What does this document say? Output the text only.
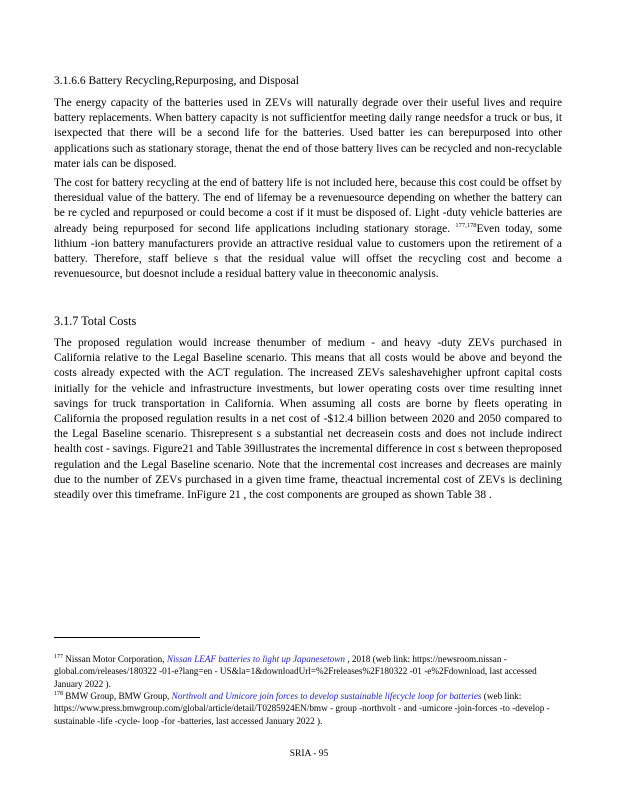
3.1.6.6 Battery Recycling,Repurposing, and Disposal

The energy capacity of the batteries used in ZEVs will naturally degrade over their useful lives and require battery replacements. When battery capacity is not sufficientfor meeting daily range needsfor a truck or bus, it isexpected that there will be a second life for the batteries. Used batter ies can berepurposed into other applications such as stationary storage, thenat the end of those battery lives can be recycled and non-recyclable mater ials can be disposed.

The cost for battery recycling at the end of battery life is not included here, because this cost could be offset by theresidual value of the battery. The end of lifemay be a revenuesource depending on whether the battery can be re cycled and repurposed or could become a cost if it must be disposed of. Light -duty vehicle batteries are already being repurposed for second life applications including stationary storage. $^{177,178}$Even today, some lithium -ion battery manufacturers provide an attractive residual value to customers upon the retirement of a battery. Therefore, staff believe s that the residual value will offset the recycling cost and become a revenuesource, but doesnot include a residual battery value in theeconomic analysis.

3.1.7 Total Costs

The proposed regulation would increase thenumber of medium - and heavy -duty ZEVs purchased in California relative to the Legal Baseline scenario. This means that all costs would be above and beyond the costs already expected with the ACT regulation. The increased ZEVs saleshavehigher upfront capital costs initially for the vehicle and infrastructure investments, but lower operating costs over time resulting innet savings for truck transportation in California. When assuming all costs are borne by fleets operating in California the proposed regulation results in a net cost of -$12.4 billion between 2020 and 2050 compared to the Legal Baseline scenario. Thisrepresent s a substantial net decreasein costs and does not include indirect health cost - savings. Figure21 and Table 39illustrates the incremental difference in cost s between theproposed regulation and the Legal Baseline scenario. Note that the incremental cost increases and decreases are mainly due to the number of ZEVs purchased in a given time frame, theactual incremental cost of ZEVs is declining steadily over this timeframe. InFigure 21 , the cost components are grouped as shown Table 38 .

$^{177}$ Nissan Motor Corporation, Nissan LEAF batteries to light up Japanesetown , 2018 (web link: https://newsroom.nissan -global.com/releases/180322 -01-e?lang=en - US&la=1&downloadUrl=%2Freleases%2F180322 -01 -e%2Fdownload, last accessed January 2022 ).

$^{178}$ BMW Group, BMW Group, Northvolt and Umicore join forces to develop sustainable lifecycle loop for batteries (web link: https://www.press.bmwgroup.com/global/article/detail/T0285924EN/bmw - group -northvolt - and -umicore -join-forces -to -develop -sustainable -life -cycle- loop -for -batteries, last accessed January 2022 ).

SRIA - 95
